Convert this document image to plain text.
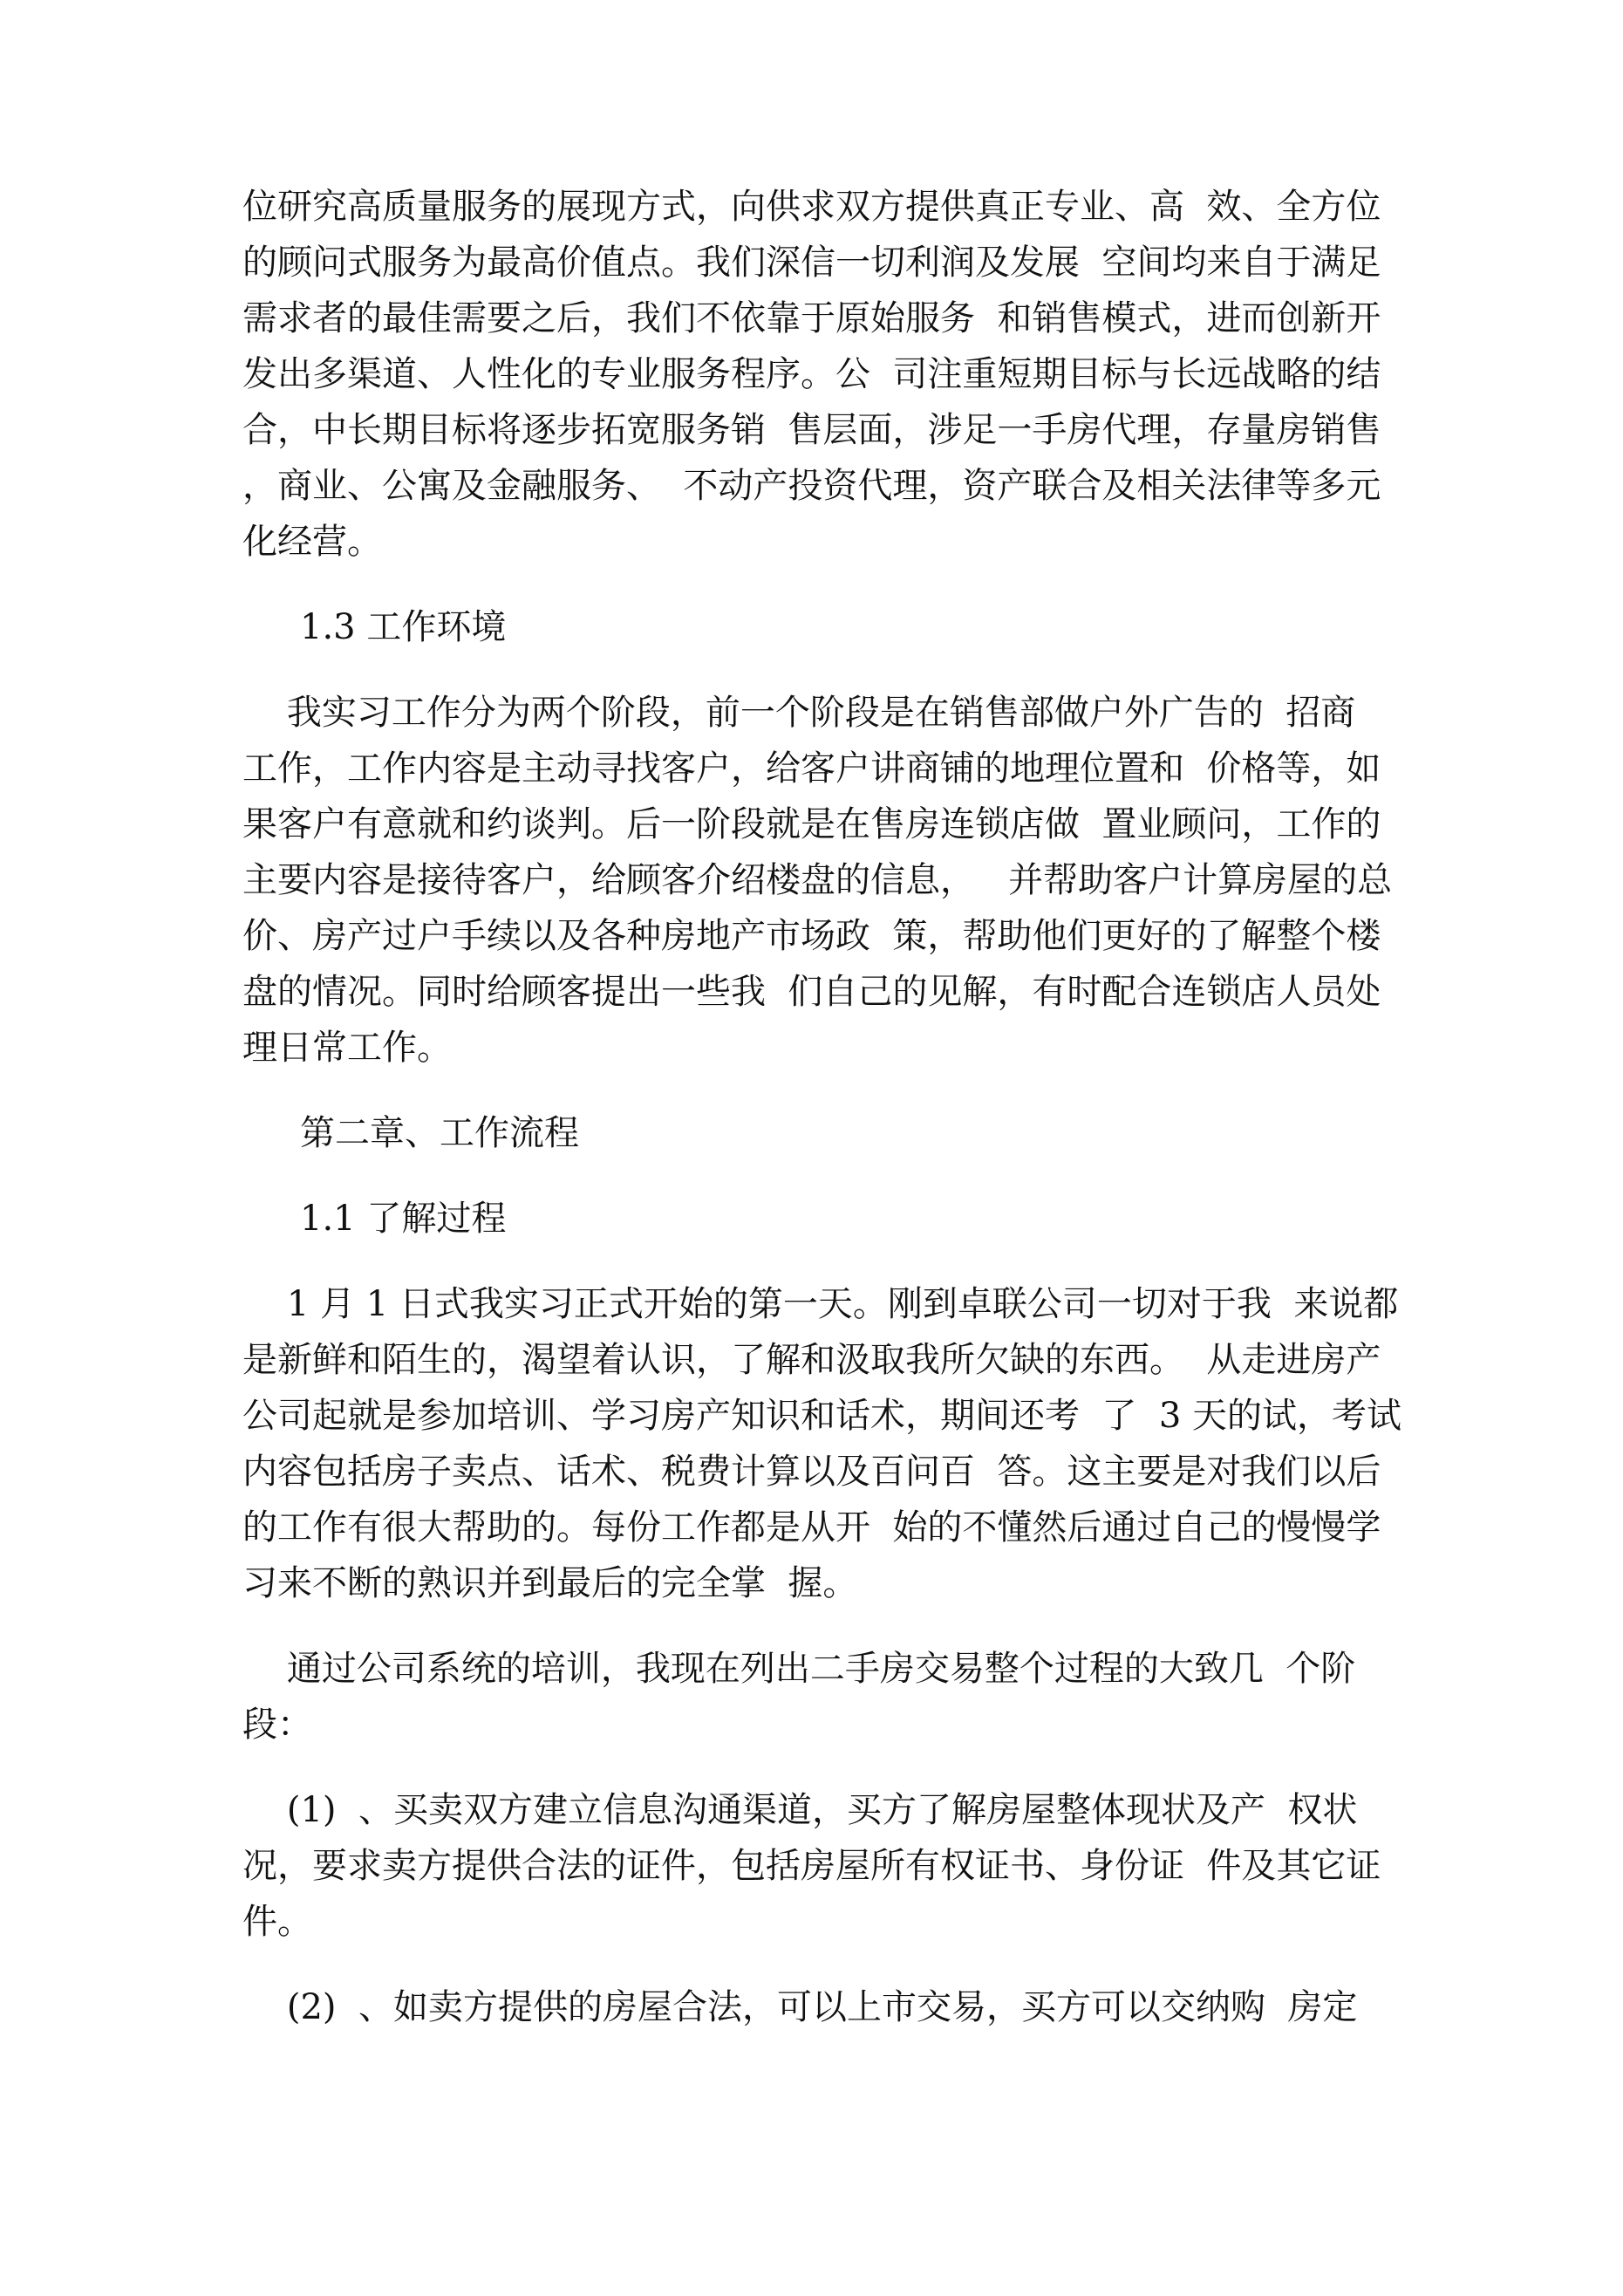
位研究高质量服务的展现方式，向供求双方提供真正专业、高  效、全方位
的顾问式服务为最高价值点。我们深信一切利润及发展  空间均来自于满足
需求者的最佳需要之后，我们不依靠于原始服务  和销售模式，进而创新开
发出多渠道、人性化的专业服务程序。公  司注重短期目标与长远战略的结
合，中长期目标将逐步拓宽服务销  售层面，涉足一手房代理，存量房销售
，商业、公寓及金融服务、  不动产投资代理，资产联合及相关法律等多元
化经营。

1.3 工作环境

我实习工作分为两个阶段，前一个阶段是在销售部做户外广告的  招商
工作，工作内容是主动寻找客户，给客户讲商铺的地理位置和  价格等，如
果客户有意就和约谈判。后一阶段就是在售房连锁店做  置业顾问，工作的
主要内容是接待客户，给顾客介绍楼盘的信息，   并帮助客户计算房屋的总
价、房产过户手续以及各种房地产市场政  策，帮助他们更好的了解整个楼
盘的情况。同时给顾客提出一些我  们自己的见解，有时配合连锁店人员处
理日常工作。

第二章、工作流程
1.1 了解过程

1 月 1 日式我实习正式开始的第一天。刚到卓联公司一切对于我  来说都
是新鲜和陌生的，渴望着认识，了解和汲取我所欠缺的东西。  从走进房产
公司起就是参加培训、学习房产知识和话术，期间还考  了  3 天的试，考试
内容包括房子卖点、话术、税费计算以及百问百  答。这主要是对我们以后
的工作有很大帮助的。每份工作都是从开  始的不懂然后通过自己的慢慢学
习来不断的熟识并到最后的完全掌  握。

通过公司系统的培训，我现在列出二手房交易整个过程的大致几  个阶
段：

(1)  、买卖双方建立信息沟通渠道，买方了解房屋整体现状及产  权状
况，要求卖方提供合法的证件，包括房屋所有权证书、身份证  件及其它证
件。

(2)  、如卖方提供的房屋合法，可以上市交易，买方可以交纳购  房定
